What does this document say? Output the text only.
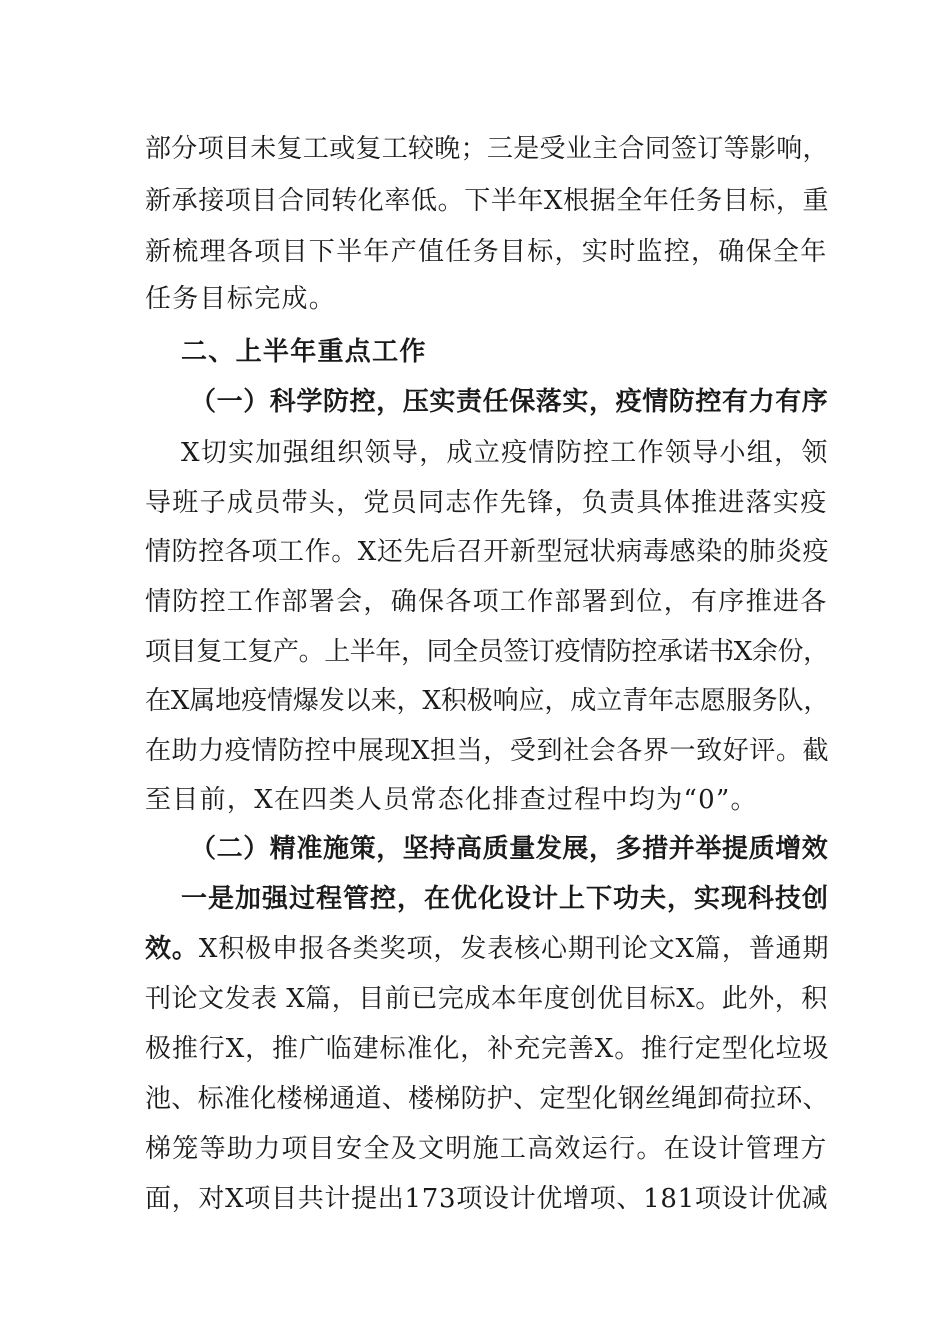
部分项目未复工或复工较晚；三是受业主合同签订等影响，
新承接项目合同转化率低。下半年X根据全年任务目标，重
新梳理各项目下半年产值任务目标，实时监控，确保全年
任务目标完成。
二、上半年重点工作
（一）科学防控，压实责任保落实，疫情防控有力有序
X切实加强组织领导，成立疫情防控工作领导小组，领
导班子成员带头，党员同志作先锋，负责具体推进落实疫
情防控各项工作。X还先后召开新型冠状病毒感染的肺炎疫
情防控工作部署会，确保各项工作部署到位，有序推进各
项目复工复产。上半年，同全员签订疫情防控承诺书X余份，
在X属地疫情爆发以来，X积极响应，成立青年志愿服务队，
在助力疫情防控中展现X担当，受到社会各界一致好评。截
至目前，X在四类人员常态化排查过程中均为“0”。
（二）精准施策，坚持高质量发展，多措并举提质增效
一是加强过程管控，在优化设计上下功夫，实现科技创
效。X积极申报各类奖项，发表核心期刊论文X篇，普通期
刊论文发表 X篇，目前已完成本年度创优目标X。此外，积
极推行X，推广临建标准化，补充完善X。推行定型化垃圾
池、标准化楼梯通道、楼梯防护、定型化钢丝绳卸荷拉环、
梯笼等助力项目安全及文明施工高效运行。在设计管理方
面，对X项目共计提出173项设计优增项、181项设计优减
